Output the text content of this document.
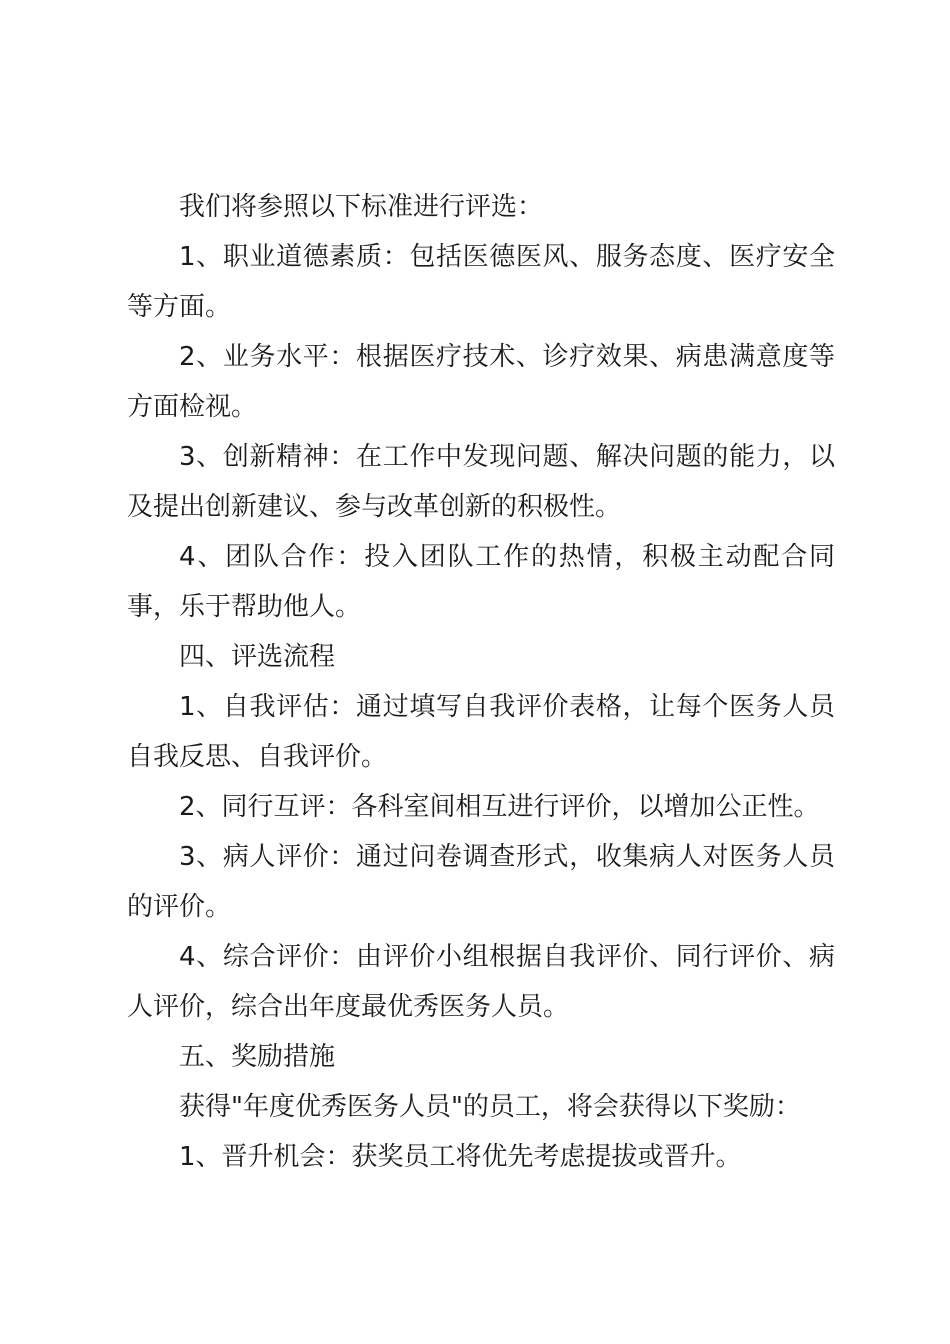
我们将参照以下标准进行评选：

1、职业道德素质：包括医德医风、服务态度、医疗安全等方面。

2、业务水平：根据医疗技术、诊疗效果、病患满意度等方面检视。

3、创新精神：在工作中发现问题、解决问题的能力，以及提出创新建议、参与改革创新的积极性。

4、团队合作：投入团队工作的热情，积极主动配合同事，乐于帮助他人。

四、评选流程

1、自我评估：通过填写自我评价表格，让每个医务人员自我反思、自我评价。

2、同行互评：各科室间相互进行评价，以增加公正性。

3、病人评价：通过问卷调查形式，收集病人对医务人员的评价。

4、综合评价：由评价小组根据自我评价、同行评价、病人评价，综合出年度最优秀医务人员。

五、奖励措施

获得"年度优秀医务人员"的员工，将会获得以下奖励：

1、晋升机会：获奖员工将优先考虑提拔或晋升。
